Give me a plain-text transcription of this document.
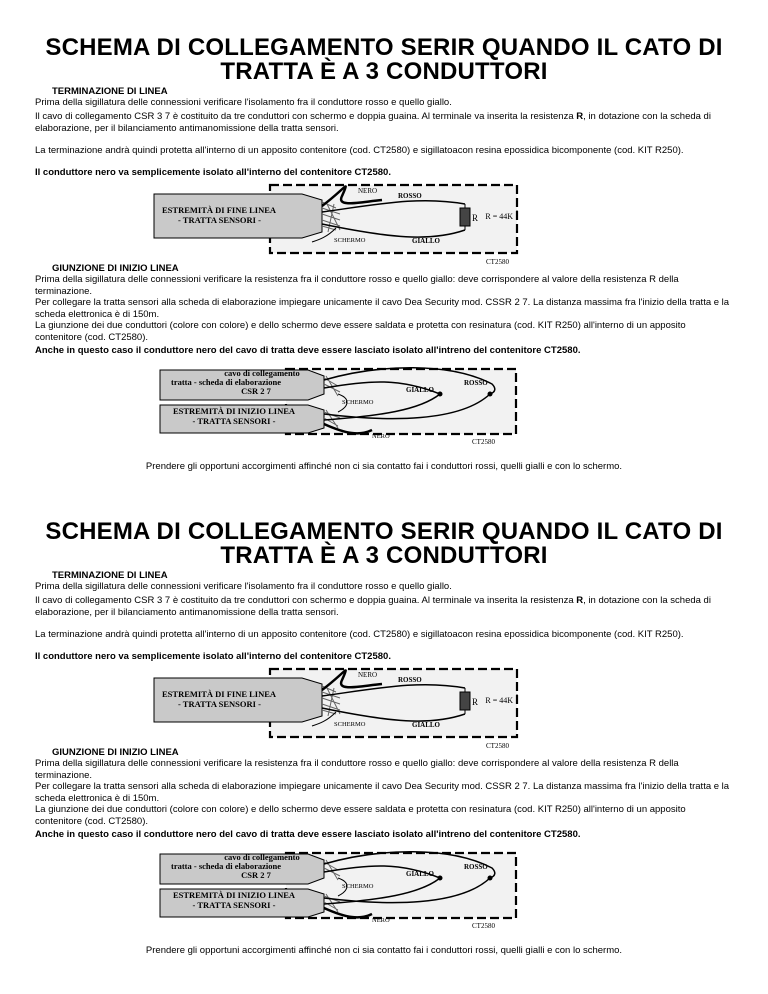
SCHEMA DI COLLEGAMENTO SERIR QUANDO IL CATO DI
TRATTA È A 3 CONDUTTORI
TERMINAZIONE DI LINEA
Prima della sigillatura delle connessioni verificare l'isolamento fra il conduttore rosso e quello giallo.
Il cavo di collegamento CSR 3 7 è costituito da tre conduttori con schermo e doppia guaina. Al terminale va inserita la resistenza R, in dotazione con la scheda di elaborazione, per il bilanciamento antimanomissione della tratta sensori.
La terminazione andrà quindi protetta all'interno di un apposito contenitore (cod. CT2580) e sigillatoacon resina epossidica bicomponente (cod. KIT R250).
Il conduttore nero va semplicemente isolato all'interno del contenitore CT2580.
NERO
ROSSO
R R = 44K
SCHERMO	GIALLO
ESTREMITÀ DI FINE LINEA
- TRATTA SENSORI -
CT2580
GIUNZIONE DI INIZIO LINEA
Prima della sigillatura delle connessioni verificare la resistenza fra il conduttore rosso e quello giallo: deve corrispondere al valore della resistenza R della terminazione.
Per collegare la tratta sensori alla scheda di elaborazione impiegare unicamente il cavo Dea Security mod. CSSR 2 7. La distanza massima fra l'inizio della tratta e la scheda elettronica è di 150m.
La giunzione dei due conduttori (colore con colore) e dello schermo deve essere saldata e protetta con resinatura (cod. KIT R250) all'interno di un apposito contenitore (cod. CT2580).
Anche in questo caso il conduttore nero del cavo di tratta deve essere lasciato isolato all'intreno del contenitore CT2580.
GIALLO
ROSSO
SCHERMO
NERO
cavo di collegamento
tratta - scheda di elaborazione
CSR 2 7
ESTREMITÀ DI INIZIO LINEA
- TRATTA SENSORI -
CT2580
Prendere gli opportuni accorgimenti affinché non ci sia contatto fai i conduttori rossi, quelli gialli e con lo schermo.
SCHEMA DI COLLEGAMENTO SERIR QUANDO IL CATO DI
TRATTA È A 3 CONDUTTORI
TERMINAZIONE DI LINEA
Prima della sigillatura delle connessioni verificare l'isolamento fra il conduttore rosso e quello giallo.
Il cavo di collegamento CSR 3 7 è costituito da tre conduttori con schermo e doppia guaina. Al terminale va inserita la resistenza R, in dotazione con la scheda di elaborazione, per il bilanciamento antimanomissione della tratta sensori.
La terminazione andrà quindi protetta all'interno di un apposito contenitore (cod. CT2580) e sigillatoacon resina epossidica bicomponente (cod. KIT R250).
Il conduttore nero va semplicemente isolato all'interno del contenitore CT2580.
NERO
ROSSO
R R = 44K
SCHERMO	GIALLO
ESTREMITÀ DI FINE LINEA
- TRATTA SENSORI -
CT2580
GIUNZIONE DI INIZIO LINEA
Prima della sigillatura delle connessioni verificare la resistenza fra il conduttore rosso e quello giallo: deve corrispondere al valore della resistenza R della terminazione.
Per collegare la tratta sensori alla scheda di elaborazione impiegare unicamente il cavo Dea Security mod. CSSR 2 7. La distanza massima fra l'inizio della tratta e la scheda elettronica è di 150m.
La giunzione dei due conduttori (colore con colore) e dello schermo deve essere saldata e protetta con resinatura (cod. KIT R250) all'interno di un apposito contenitore (cod. CT2580).
Anche in questo caso il conduttore nero del cavo di tratta deve essere lasciato isolato all'intreno del contenitore CT2580.
GIALLO
ROSSO
SCHERMO
NERO
cavo di collegamento
tratta - scheda di elaborazione
CSR 2 7
ESTREMITÀ DI INIZIO LINEA
- TRATTA SENSORI -
CT2580
Prendere gli opportuni accorgimenti affinché non ci sia contatto fai i conduttori rossi, quelli gialli e con lo schermo.
